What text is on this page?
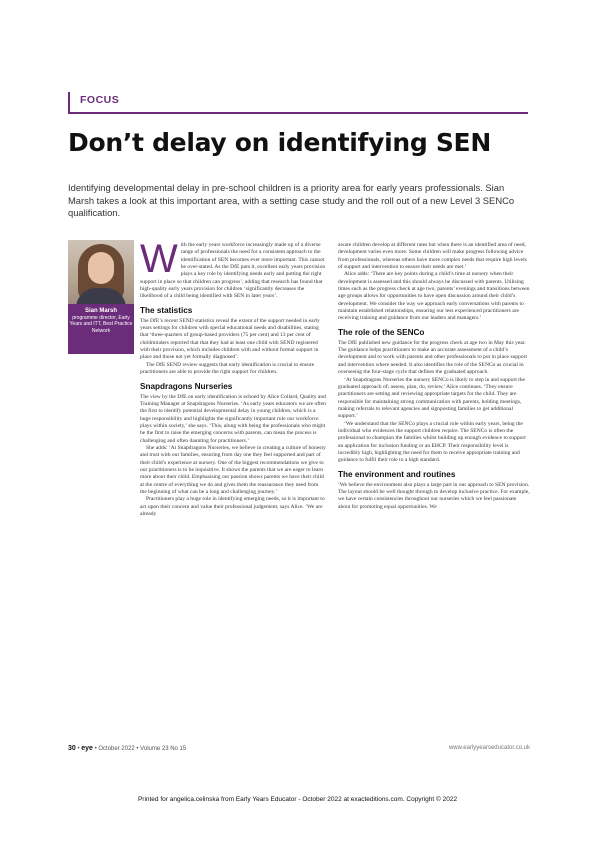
FOCUS
Don’t delay on identifying SEN
Identifying developmental delay in pre-school children is a priority area for early years professionals. Sian Marsh takes a look at this important area, with a setting case study and the roll out of a new Level 3 SENCo qualification.
Sian Marsh
programme director, Early Years and ITT, Best Practice Network

With the early years workforce increasingly made up of a diverse range of professionals the need for a consistent approach to the identification of SEN becomes ever more important. This cannot be over-stated. As the DfE puts it, excellent early years provision plays a key role by identifying needs early and putting the right support in place so that children can progress’, adding that research has found that high-quality early years provision for children ‘significantly decreases the likelihood of a child being identified with SEN in later years’.

The statistics

The DfE’s recent SEND statistics reveal the extent of the support needed in early years settings for children with special educational needs and disabilities, stating that ‘three-quarters of group-based providers (75 per cent) and 13 per cent of childminders reported that that they had at least one child with SEND registered with their provision, which includes children with and without formal support in place and those not yet formally diagnosed’.

The DfE SEND review suggests that early identification is crucial to ensure practitioners are able to provide the right support for children.

Snapdragons Nurseries

The view by the DfE on early identification is echoed by Alice Collard, Quality and Training Manager at Snapdragons Nurseries. ‘As early years educators we are often the first to identify potential developmental delay in young children, which is a huge responsibility and highlights the significantly important role our workforce plays within society,’ she says. ‘This, along with being the professionals who might be the first to raise the emerging concerns with parents, can mean the process is challenging and often daunting for practitioners.’

She adds: ‘At Snapdragons Nurseries, we believe in creating a culture of honesty and trust with our families, ensuring from day one they feel supported and part of their child’s experience at nursery. One of the biggest recommendations we give to our practitioners is to be inquisitive. It shows the parents that we are eager to learn more about their child. Emphasising our passion shows parents we have their child at the centre of everything we do and gives them the reassurance they need from the beginning of what can be a long and challenging journey.’

Practitioners play a huge role in identifying emerging needs, so it is important to act upon their concern and value their professional judgement, says Alice. ‘We are already

aware children develop at different rates but when there is an identified area of need, development varies even more. Some children will make progress following advice from professionals, whereas others have more complex needs that require high levels of support and intervention to ensure their needs are met.’

Alice adds: ‘There are key points during a child’s time at nursery when their development is assessed and this should always be discussed with parents. Utilising times such as the progress check at age two, parents’ evenings and transitions between age groups allows for opportunities to have open discussion around their child’s development. We consider the way we approach early conversations with parents to maintain established relationships, ensuring our less experienced practitioners are receiving training and guidance from our leaders and managers.’

The role of the SENCo

The DfE published new guidance for the progress check at age two in May this year. The guidance helps practitioners to make an accurate assessment of a child’s development and to work with parents and other professionals to put in place support and intervention where needed. It also identifies the role of the SENCo as crucial in overseeing the four-stage cycle that defines the graduated approach.

‘At Snapdragons Nurseries the nursery SENCo is likely to step in and support the graduated approach of; assess, plan, do, review,’ Alice continues. ‘They ensure practitioners are setting and reviewing appropriate targets for the child. They are responsible for maintaining strong communication with parents, holding meetings, making referrals to relevant agencies and signposting families to get additional support.’

‘We understand that the SENCo plays a crucial role within early years, being the individual who evidences the support children require. The SENCo is often the professional to champion the families whilst building up enough evidence to support an application for inclusion funding or an EHCP. Their responsibility level is incredibly high, highlighting the need for them to receive appropriate training and guidance to fulfil their role to a high standard.

The environment and routines

‘We believe the environment also plays a large part in our approach to SEN provision. The layout should be well thought through to develop inclusive practice. For example, we have certain consistencies throughout our nurseries which we feel passionate about for promoting equal opportunities. We

30 • eye • October 2022 • Volume 23 No 15	www.earlyyearseducator.co.uk
Printed for angelica.celinska from Early Years Educator - October 2022 at exacteditions.com. Copyright © 2022
